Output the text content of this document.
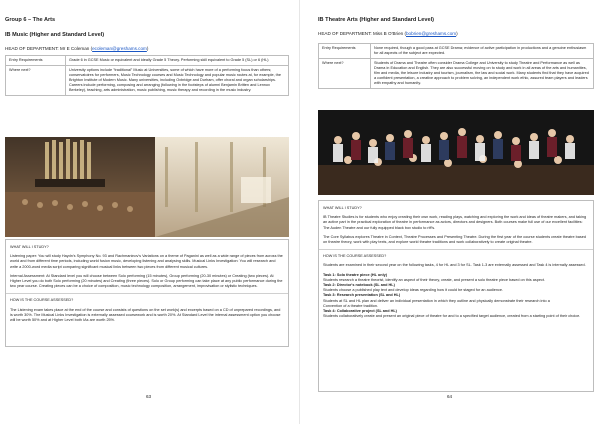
Group 6 – The Arts
IB Music (Higher and Standard Level)
HEAD OF DEPARTMENT: Mr E Coleman (ecoleman@greshams.com)
Entry Requirements	Grade 6 in GCSE Music or equivalent and ideally Grade 5 Theory. Performing skill equivalent to Grade 5 (SL) or 6 (HL)
Where next?	University options include "traditional" Music at Universities, some of which have more of a performing focus than others; conservatoires for performers, Music Technology courses and Music Technology and popular music routes at, for example, the Brighton Institute of Modern Music. Many universities, including Oxbridge and Durham, offer choral and organ scholarships. Careers include performing, composing and arranging (following in the footsteps of alumni Benjamin Britten and Lennox Berkeley), teaching, arts administration, music publishing, music therapy and recording in the music industry.
WHAT WILL I STUDY?

Listening paper: You will study Haydn's Symphony No. 93 and Rachmaninov's Variations on a theme of Paganini as well as a wide range of pieces from across the world and from different time periods, including world fusion music, developing listening and analysing skills. Musical Links Investigation: You will research and write a 2000-word media script comparing significant musical links between two pieces from different musical cultures.

Internal Assessment: At Standard level you will choose between Solo performing (15 minutes), Group performing (20-30 minutes) or Creating (two pieces). At Higher Level you do both Solo performing (20 minutes) and Creating (three pieces). Solo or Group performing can take place at any public performance during the two year course. Creating pieces can be a choice of composition, music technology composition, arrangement, improvisation or stylistic techniques.

HOW IS THE COURSE ASSESSED?

The Listening exam takes place at the end of the course and consists of questions on the set work(s) and excerpts based on a CD of unprepared recordings, and is worth 30%. The Musical Links Investigation is externally assessed coursework and is worth 20%. At Standard Level the internal assessment option you choose will be worth 50% and at Higher Level both IAs are worth 25%.

63
IB Theatre Arts (Higher and Standard Level)
HEAD OF DEPARTMENT: Miss B O'Brien (bobrien@greshams.com)
Entry Requirements	None required, though a good pass at GCSE Drama; evidence of active participation in productions and a genuine enthusiasm for all aspects of the subject are expected.
Where next?	Students of Drama and Theatre often consider Drama College and University to study Theatre and Performance as well as Drama in Education and English. They are also successful moving on to study and work in all areas of the arts and humanities, film and media, the leisure industry and tourism, journalism, the law and social work. Many students find that they have acquired a confident presentation, a creative approach to problem solving, an independent work ethic, assured team players and leaders with empathy and humanity.
WHAT WILL I STUDY?

IB Theatre Studies is for students who enjoy creating their own work, reading plays, watching and exploring the work and ideas of theatre makers, and taking an active part in the practical exploration of theatre in performance as actors, directors and designers. Both courses make full use of our excellent facilities: The Auden Theatre and our fully equipped black box studio to riff's.

The Core Syllabus explores Theatre in Context, Theatre Processes and Presenting Theatre. During the first year of the course students create theatre based on theatre theory, work with play texts, and explore world theatre traditions and work collaboratively to create original theatre.

HOW IS THE COURSE ASSESSED?

Students are examined in their second year on the following tasks, 4 for HL and 3 for SL. Task 1-3 are externally assessed and Task 4 is internally assessed.

Task 1: Solo theatre piece (HL only)

Students research a theatre theorist, identify an aspect of their theory, create, and present a solo theatre piece based on this aspect.

Task 2: Director's notebook (SL and HL)

Students choose a published play text and develop ideas regarding how it could be staged for an audience.

Task 3: Research presentation (SL and HL)

Students at SL and HL plan and deliver an individual presentation in which they outline and physically demonstrate their research into a

Convention of a theatre tradition.

Task 4: Collaborative project (SL and HL)

Students collaboratively create and present an original piece of theatre for and to a specified target audience, created from a starting point of their choice.

64
